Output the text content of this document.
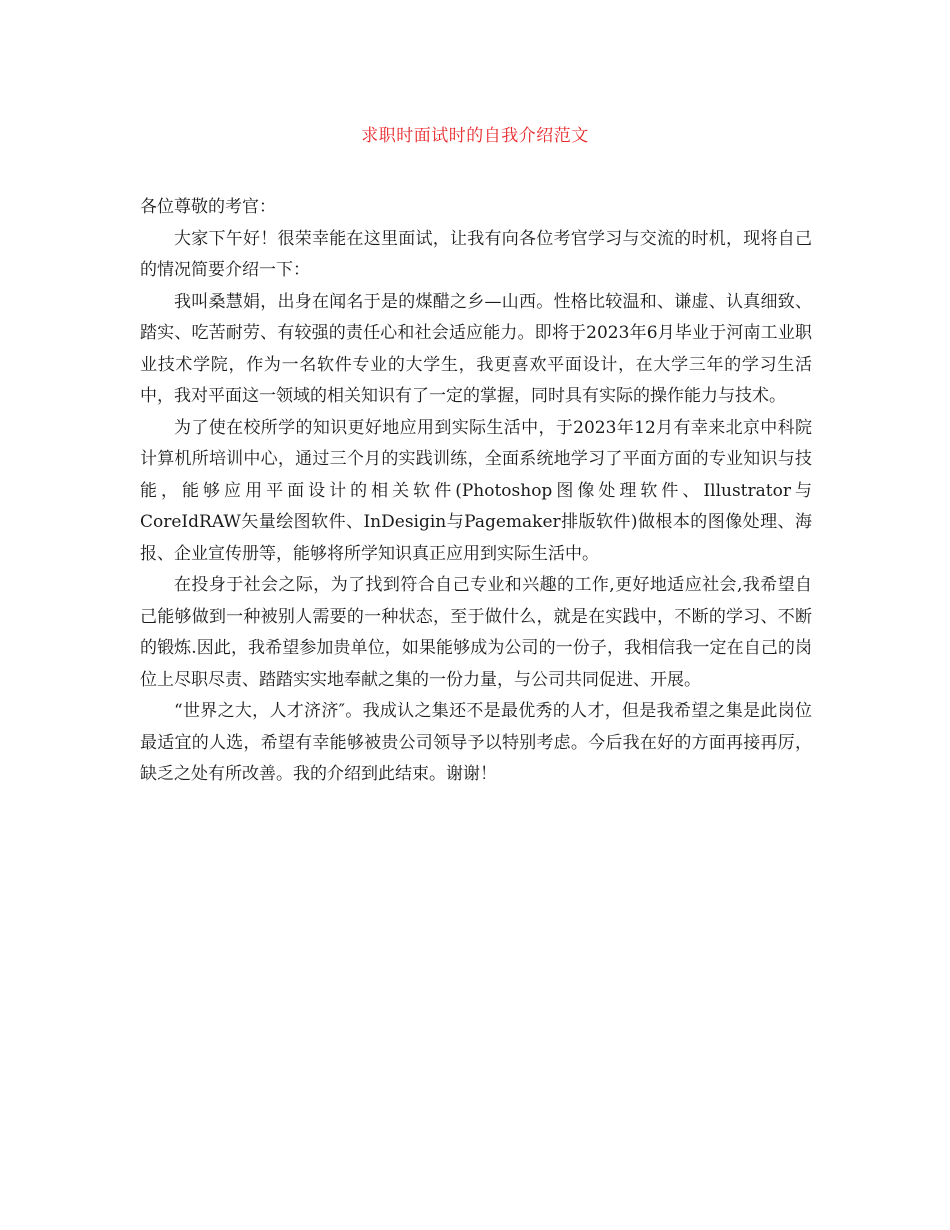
求职时面试时的自我介绍范文

各位尊敬的考官：

大家下午好！很荣幸能在这里面试，让我有向各位考官学习与交流的时机，现将自己的情况简要介绍一下：

我叫桑慧娟，出身在闻名于是的煤醋之乡—山西。性格比较温和、谦虚、认真细致、踏实、吃苦耐劳、有较强的责任心和社会适应能力。即将于2023年6月毕业于河南工业职业技术学院，作为一名软件专业的大学生，我更喜欢平面设计，在大学三年的学习生活中，我对平面这一领域的相关知识有了一定的掌握，同时具有实际的操作能力与技术。

为了使在校所学的知识更好地应用到实际生活中，于2023年12月有幸来北京中科院计算机所培训中心，通过三个月的实践训练，全面系统地学习了平面方面的专业知识与技能，能够应用平面设计的相关软件(Photoshop图像处理软件、Illustrator与CoreIdRAW矢量绘图软件、InDesigin与Pagemaker排版软件)做根本的图像处理、海报、企业宣传册等，能够将所学知识真正应用到实际生活中。

在投身于社会之际，为了找到符合自己专业和兴趣的工作,更好地适应社会,我希望自己能够做到一种被别人需要的一种状态，至于做什么，就是在实践中，不断的学习、不断的锻炼.因此，我希望参加贵单位，如果能够成为公司的一份子，我相信我一定在自己的岗位上尽职尽责、踏踏实实地奉献之集的一份力量，与公司共同促进、开展。

“世界之大，人才济济″。我成认之集还不是最优秀的人才，但是我希望之集是此岗位最适宜的人选，希望有幸能够被贵公司领导予以特别考虑。今后我在好的方面再接再厉，缺乏之处有所改善。我的介绍到此结束。谢谢！
